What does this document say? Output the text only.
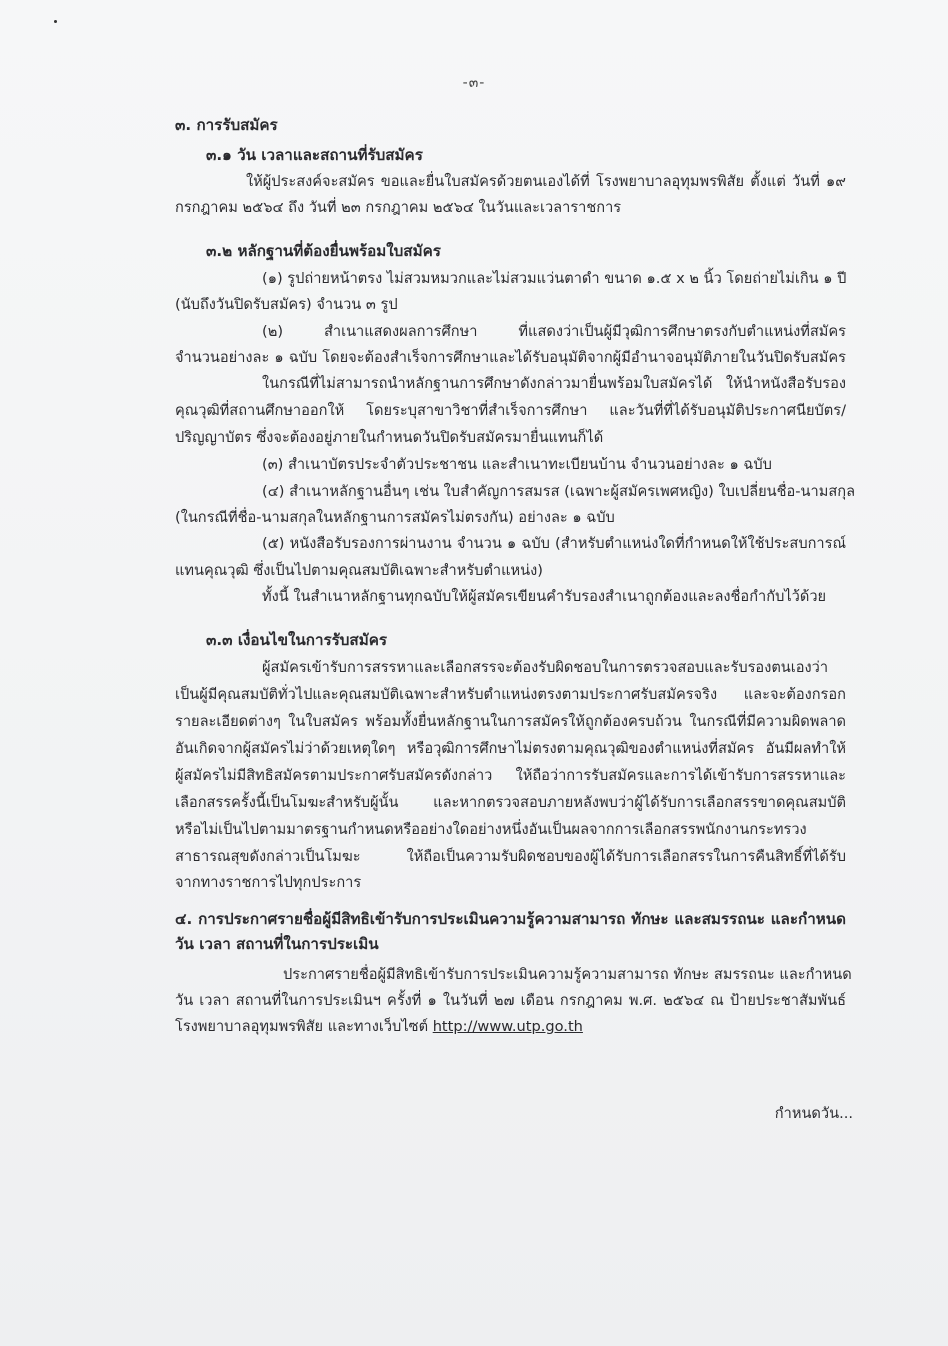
-๓-
๓. การรับสมัคร
๓.๑ วัน เวลาและสถานที่รับสมัคร
ให้ผู้ประสงค์จะสมัคร ขอและยื่นใบสมัครด้วยตนเองได้ที่ โรงพยาบาลอุทุมพรพิสัย ตั้งแต่ วันที่ ๑๙
กรกฎาคม ๒๕๖๔ ถึง วันที่ ๒๓ กรกฎาคม ๒๕๖๔ ในวันและเวลาราชการ
๓.๒ หลักฐานที่ต้องยื่นพร้อมใบสมัคร
(๑) รูปถ่ายหน้าตรง ไม่สวมหมวกและไม่สวมแว่นตาดำ ขนาด ๑.๕ x ๒ นิ้ว โดยถ่ายไม่เกิน ๑ ปี
(นับถึงวันปิดรับสมัคร) จำนวน ๓ รูป
(๒) สำเนาแสดงผลการศึกษา ที่แสดงว่าเป็นผู้มีวุฒิการศึกษาตรงกับตำแหน่งที่สมัคร
จำนวนอย่างละ ๑ ฉบับ โดยจะต้องสำเร็จการศึกษาและได้รับอนุมัติจากผู้มีอำนาจอนุมัติภายในวันปิดรับสมัคร
ในกรณีที่ไม่สามารถนำหลักฐานการศึกษาดังกล่าวมายื่นพร้อมใบสมัครได้ ให้นำหนังสือรับรอง
คุณวุฒิที่สถานศึกษาออกให้ โดยระบุสาขาวิชาที่สำเร็จการศึกษา และวันที่ที่ได้รับอนุมัติประกาศนียบัตร/
ปริญญาบัตร ซึ่งจะต้องอยู่ภายในกำหนดวันปิดรับสมัครมายื่นแทนก็ได้
(๓) สำเนาบัตรประจำตัวประชาชน และสำเนาทะเบียนบ้าน จำนวนอย่างละ ๑ ฉบับ
(๔) สำเนาหลักฐานอื่นๆ เช่น ใบสำคัญการสมรส (เฉพาะผู้สมัครเพศหญิง) ใบเปลี่ยนชื่อ-นามสกุล
(ในกรณีที่ชื่อ-นามสกุลในหลักฐานการสมัครไม่ตรงกัน) อย่างละ ๑ ฉบับ
(๕) หนังสือรับรองการผ่านงาน จำนวน ๑ ฉบับ (สำหรับตำแหน่งใดที่กำหนดให้ใช้ประสบการณ์
แทนคุณวุฒิ ซึ่งเป็นไปตามคุณสมบัติเฉพาะสำหรับตำแหน่ง)
ทั้งนี้ ในสำเนาหลักฐานทุกฉบับให้ผู้สมัครเขียนคำรับรองสำเนาถูกต้องและลงชื่อกำกับไว้ด้วย
๓.๓ เงื่อนไขในการรับสมัคร
ผู้สมัครเข้ารับการสรรหาและเลือกสรรจะต้องรับผิดชอบในการตรวจสอบและรับรองตนเองว่า
เป็นผู้มีคุณสมบัติทั่วไปและคุณสมบัติเฉพาะสำหรับตำแหน่งตรงตามประกาศรับสมัครจริง และจะต้องกรอก
รายละเอียดต่างๆ ในใบสมัคร พร้อมทั้งยื่นหลักฐานในการสมัครให้ถูกต้องครบถ้วน ในกรณีที่มีความผิดพลาด
อันเกิดจากผู้สมัครไม่ว่าด้วยเหตุใดๆ หรือวุฒิการศึกษาไม่ตรงตามคุณวุฒิของตำแหน่งที่สมัคร อันมีผลทำให้
ผู้สมัครไม่มีสิทธิสมัครตามประกาศรับสมัครดังกล่าว ให้ถือว่าการรับสมัครและการได้เข้ารับการสรรหาและ
เลือกสรรครั้งนี้เป็นโมฆะสำหรับผู้นั้น และหากตรวจสอบภายหลังพบว่าผู้ได้รับการเลือกสรรขาดคุณสมบัติ
หรือไม่เป็นไปตามมาตรฐานกำหนดหรืออย่างใดอย่างหนึ่งอันเป็นผลจากการเลือกสรรพนักงานกระทรวง
สาธารณสุขดังกล่าวเป็นโมฆะ ให้ถือเป็นความรับผิดชอบของผู้ได้รับการเลือกสรรในการคืนสิทธิ์ที่ได้รับ
จากทางราชการไปทุกประการ
๔. การประกาศรายชื่อผู้มีสิทธิเข้ารับการประเมินความรู้ความสามารถ ทักษะ และสมรรถนะ และกำหนด
วัน เวลา สถานที่ในการประเมิน
ประกาศรายชื่อผู้มีสิทธิเข้ารับการประเมินความรู้ความสามารถ ทักษะ สมรรถนะ และกำหนด
วัน เวลา สถานที่ในการประเมินฯ ครั้งที่ ๑ ในวันที่ ๒๗ เดือน กรกฎาคม พ.ศ. ๒๕๖๔ ณ ป้ายประชาสัมพันธ์
โรงพยาบาลอุทุมพรพิสัย และทางเว็บไซต์ http://www.utp.go.th
กำหนดวัน...
